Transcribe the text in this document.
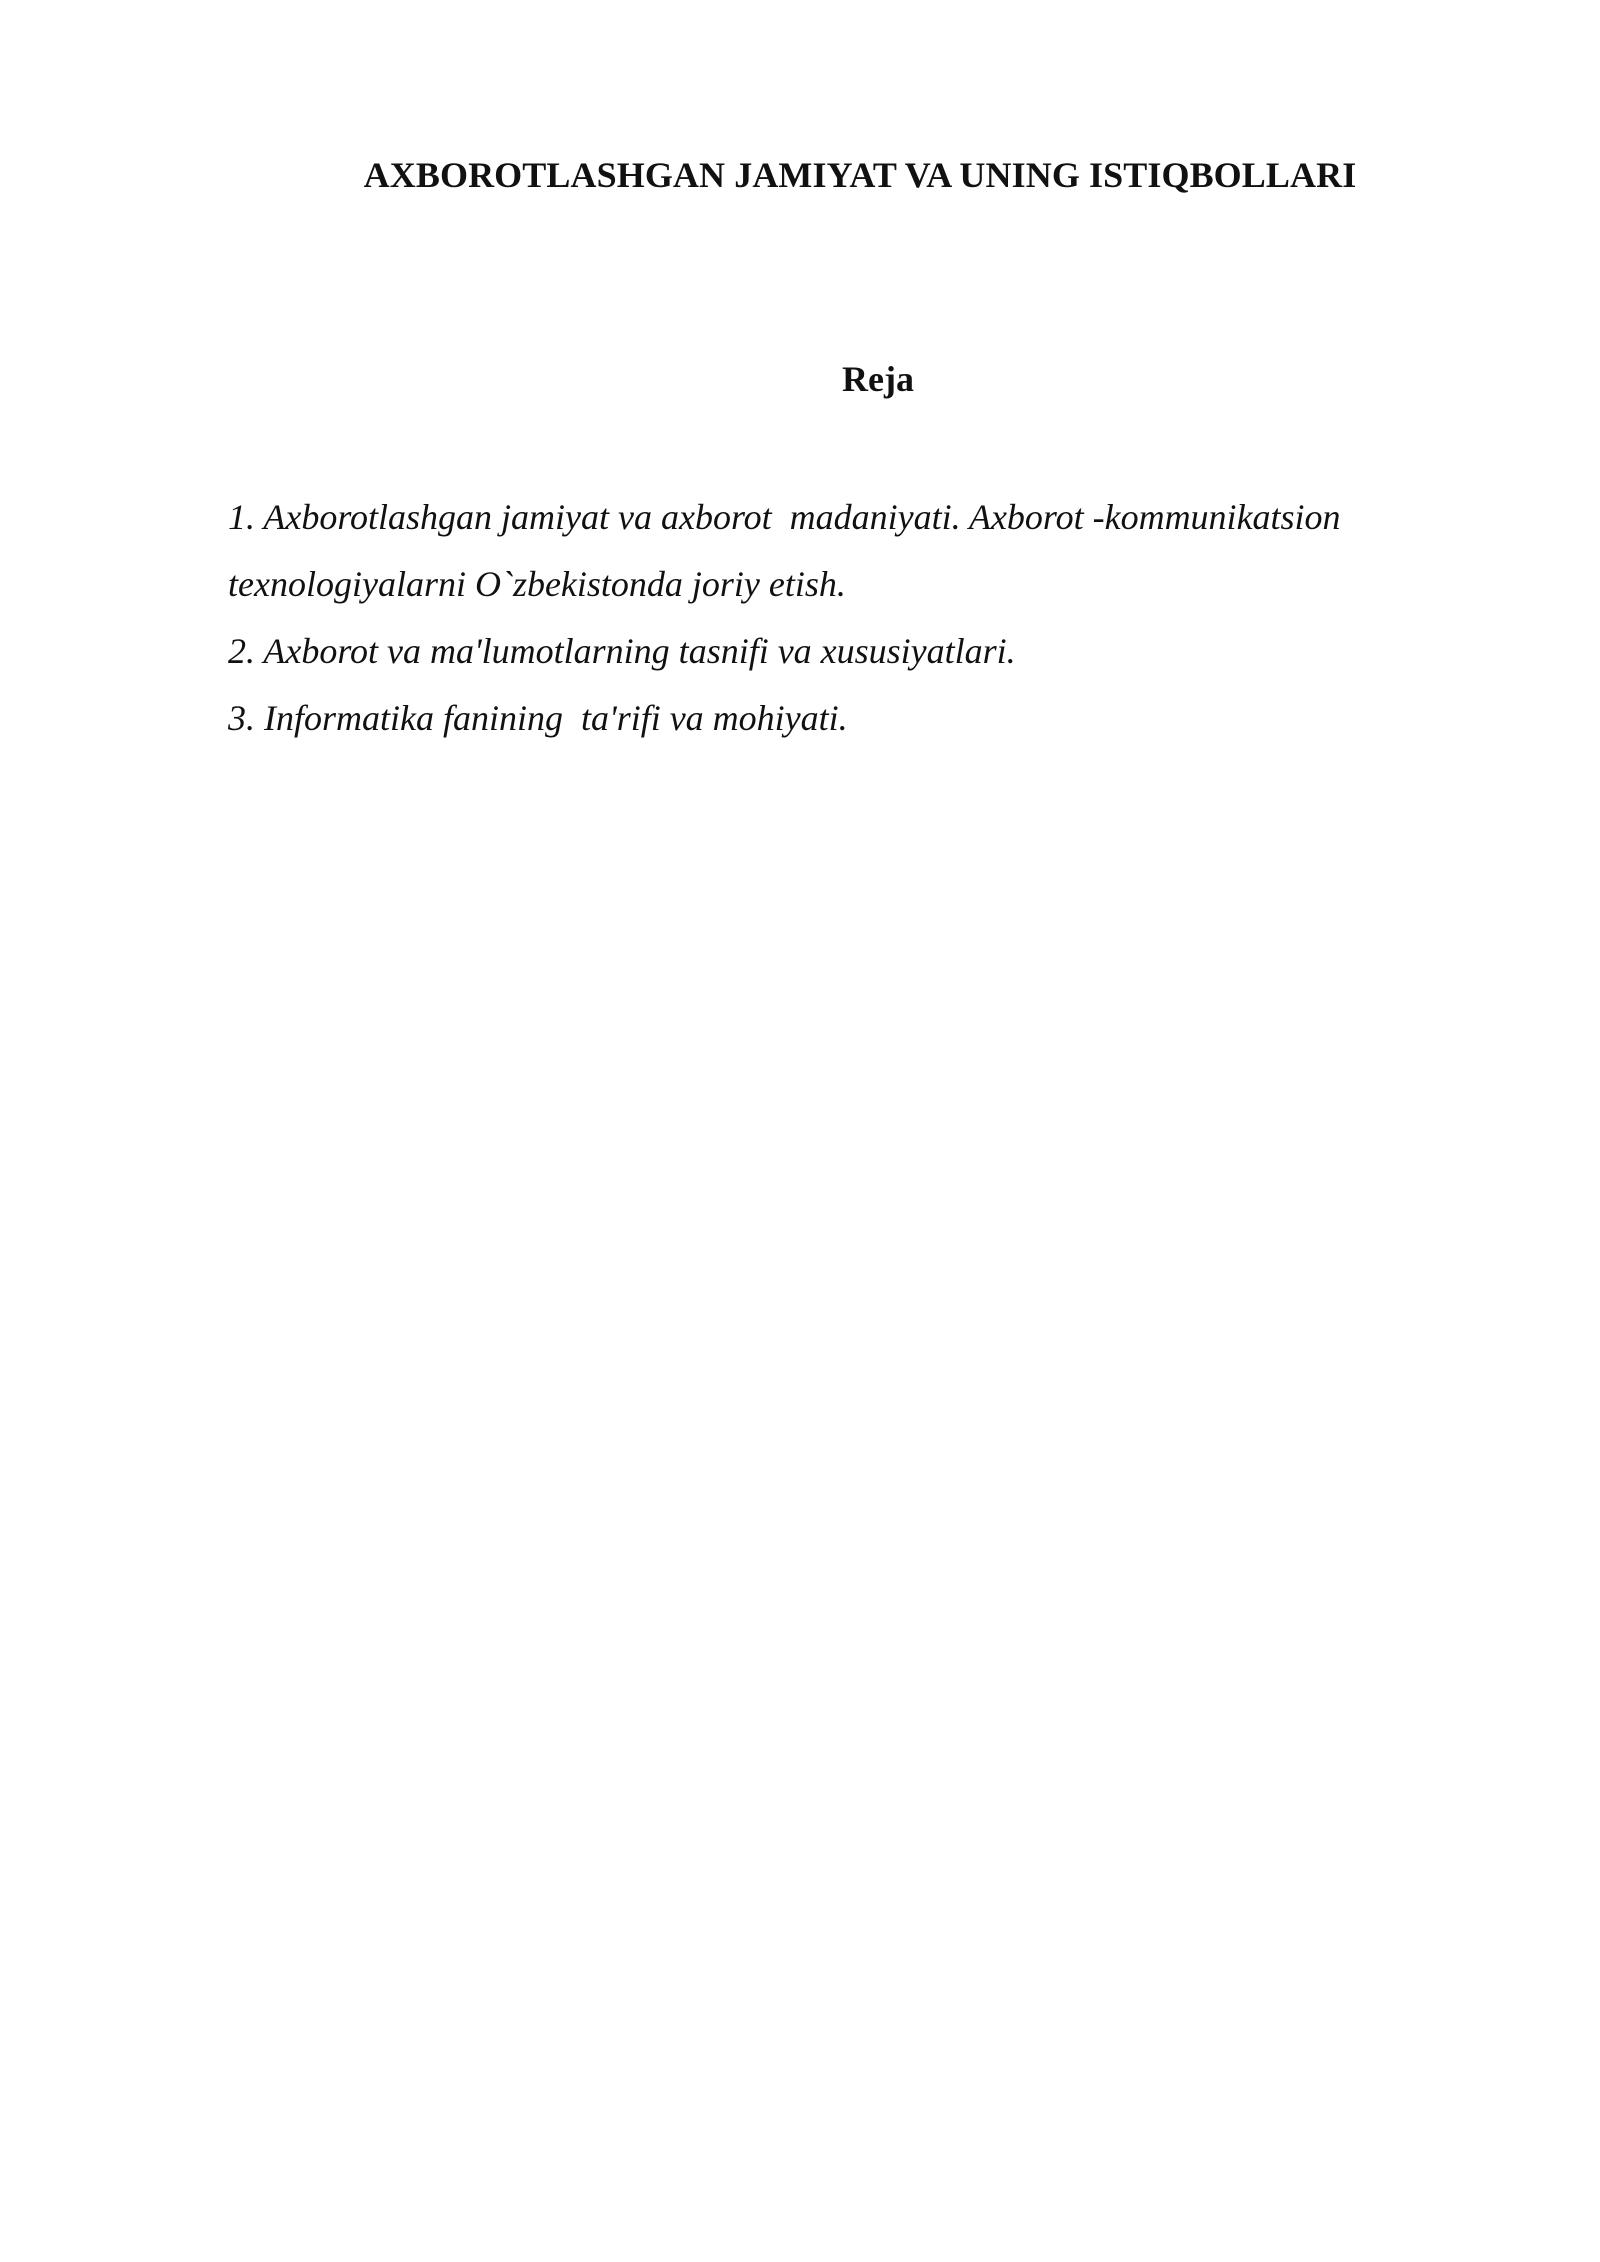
AXBOROTLASHGAN JAMIYAT VA UNING ISTIQBOLLARI
Reja
1. Axborotlashgan jamiyat va axborot  madaniyati. Axborot -kommunikatsion texnologiyalarni O`zbekistonda joriy etish.
2. Axborot va ma'lumotlarning tasnifi va xususiyatlari.
3. Informatika fanining  ta'rifi va mohiyati.
